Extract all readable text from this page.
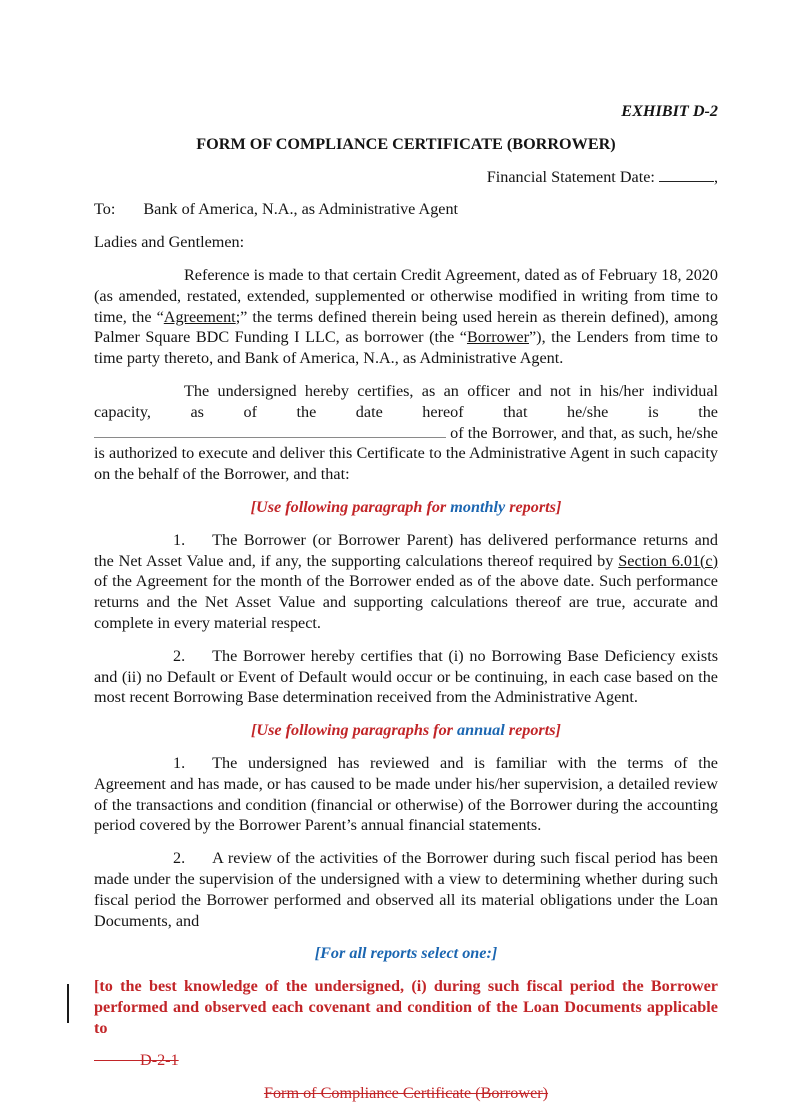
EXHIBIT D-2

FORM OF COMPLIANCE CERTIFICATE (BORROWER)

Financial Statement Date:	,

To: Bank of America, N.A., as Administrative Agent

Ladies and Gentlemen:

Reference is made to that certain Credit Agreement, dated as of February 18, 2020 (as amended, restated, extended, supplemented or otherwise modified in writing from time to time, the “Agreement;” the terms defined therein being used herein as therein defined), among Palmer Square BDC Funding I LLC, as borrower (the “Borrower”), the Lenders from time to time party thereto, and Bank of America, N.A., as Administrative Agent.

The undersigned hereby certifies, as an officer and not in his/her individual capacity, as of the date hereof that he/she is the  of the Borrower, and that, as such, he/she is authorized to execute and deliver this Certificate to the Administrative Agent in such capacity on the behalf of the Borrower, and that:

[Use following paragraph for monthly reports]

1. The Borrower (or Borrower Parent) has delivered performance returns and the Net Asset Value and, if any, the supporting calculations thereof required by Section 6.01(c) of the Agreement for the month of the Borrower ended as of the above date. Such performance returns and the Net Asset Value and supporting calculations thereof are true, accurate and complete in every material respect.

2. The Borrower hereby certifies that (i) no Borrowing Base Deficiency exists and (ii) no Default or Event of Default would occur or be continuing, in each case based on the most recent Borrowing Base determination received from the Administrative Agent.

[Use following paragraphs for annual reports]

1. The undersigned has reviewed and is familiar with the terms of the Agreement and has made, or has caused to be made under his/her supervision, a detailed review of the transactions and condition (financial or otherwise) of the Borrower during the accounting period covered by the Borrower Parent’s annual financial statements.

2. A review of the activities of the Borrower during such fiscal period has been made under the supervision of the undersigned with a view to determining whether during such fiscal period the Borrower performed and observed all its material obligations under the Loan Documents, and

[For all reports select one:]

[to the best knowledge of the undersigned, (i) during such fiscal period the Borrower performed and observed each covenant and condition of the Loan Documents applicable to

D-2-1

Form of Compliance Certificate (Borrower)
